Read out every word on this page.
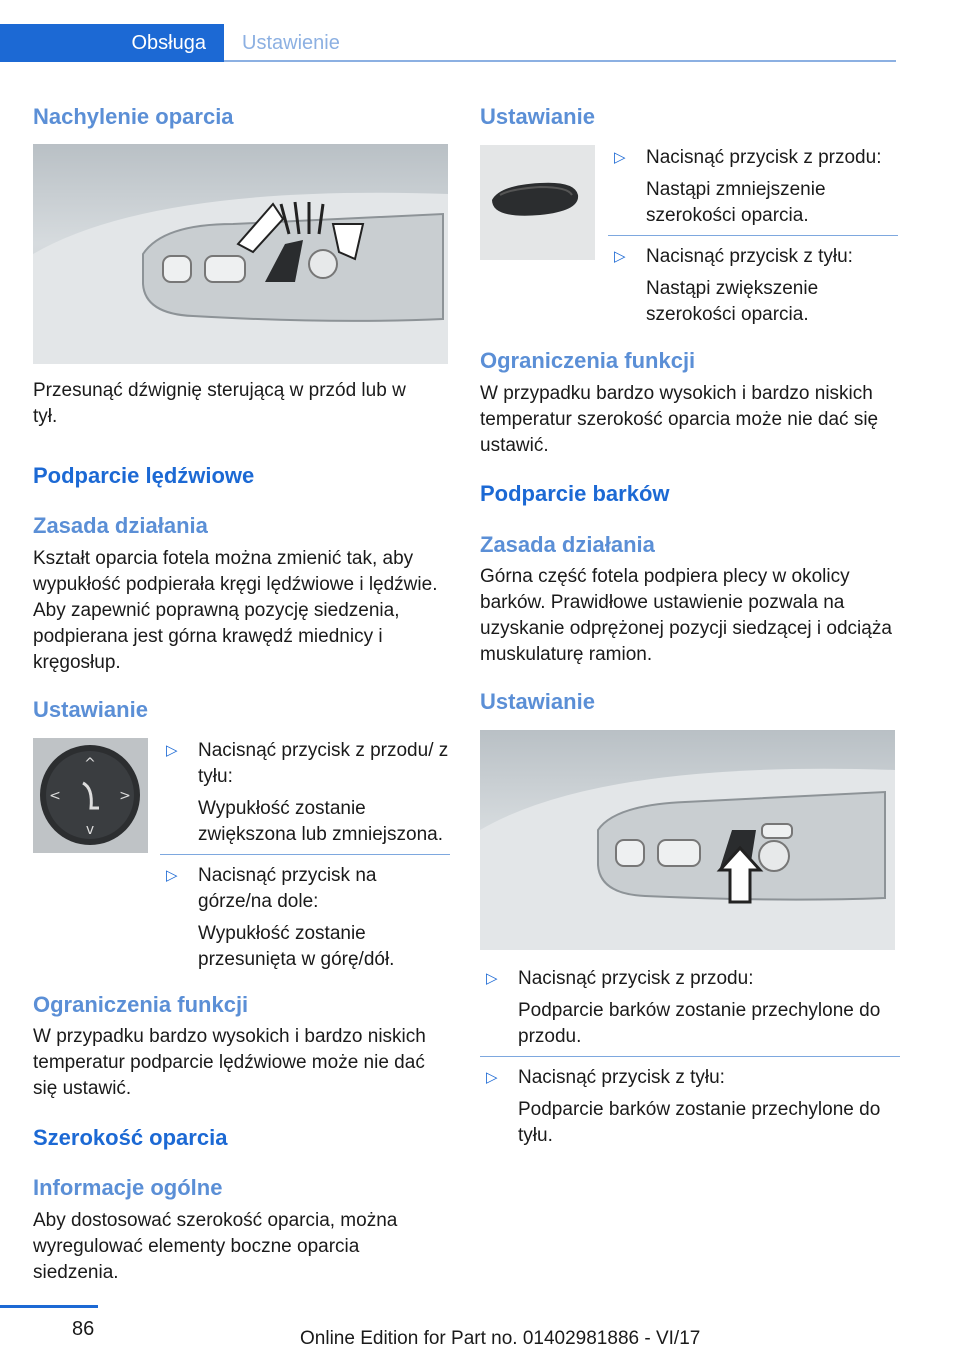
Obsługa	Ustawienie
Nachylenie oparcia
Przesunąć dźwignię sterującą w przód lub w tył.
Podparcie lędźwiowe
Zasada działania
Kształt oparcia fotela można zmienić tak, aby wypukłość podpierała kręgi lędźwiowe i lędźwie. Aby zapewnić poprawną pozycję siedzenia, podpierana jest górna krawędź miednicy i kręgosłup.
Ustawianie
^
v
<	>
▷ Nacisnąć przycisk z przodu/ z tyłu:

Wypukłość zostanie zwiększona lub zmniejszona.

▷ Nacisnąć przycisk na górze/na dole:

Wypukłość zostanie przesunięta w górę/dół.

Ograniczenia funkcji
W przypadku bardzo wysokich i bardzo niskich temperatur podparcie lędźwiowe może nie dać się ustawić.
Szerokość oparcia
Informacje ogólne
Aby dostosować szerokość oparcia, można wyregulować elementy boczne oparcia siedzenia.
Ustawianie
▷ Nacisnąć przycisk z przodu:

Nastąpi zmniejszenie szerokości oparcia.

▷ Nacisnąć przycisk z tyłu:

Nastąpi zwiększenie szerokości oparcia.

Ograniczenia funkcji
W przypadku bardzo wysokich i bardzo niskich temperatur szerokość oparcia może nie dać się ustawić.
Podparcie barków
Zasada działania
Górna część fotela podpiera plecy w okolicy barków. Prawidłowe ustawienie pozwala na uzyskanie odprężonej pozycji siedzącej i odciąża muskulaturę ramion.
Ustawianie
▷ Nacisnąć przycisk z przodu:

Podparcie barków zostanie przechylone do przodu.

▷ Nacisnąć przycisk z tyłu:

Podparcie barków zostanie przechylone do tyłu.

86	Online Edition for Part no. 01402981886 - VI/17
